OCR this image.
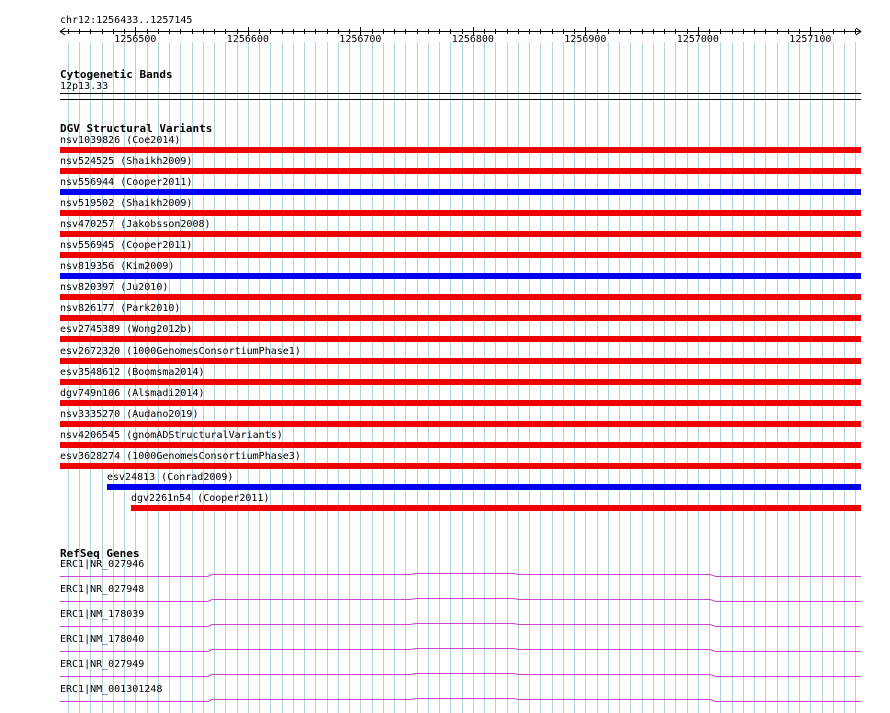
chr12:1256433..1257145
1256500	1256600	1256700	1256800	1256900	1257000	1257100
Cytogenetic Bands
12p13.33
DGV Structural Variants
nsv1039826 (Coe2014)
nsv524525 (Shaikh2009)
nsv556944 (Cooper2011)
nsv519502 (Shaikh2009)
nsv470257 (Jakobsson2008)
nsv556945 (Cooper2011)
nsv819356 (Kim2009)
nsv820397 (Ju2010)
nsv826177 (Park2010)
esv2745389 (Wong2012b)
esv2672320 (1000GenomesConsortiumPhase1)
esv3548612 (Boomsma2014)
dgv749n106 (Alsmadi2014)
nsv3335270 (Audano2019)
nsv4206545 (gnomADStructuralVariants)
esv3628274 (1000GenomesConsortiumPhase3)
esv24813 (Conrad2009)
dgv2261n54 (Cooper2011)
RefSeq Genes
ERC1|NR_027946
ERC1|NR_027948
ERC1|NM_178039
ERC1|NM_178040
ERC1|NR_027949
ERC1|NM_001301248
